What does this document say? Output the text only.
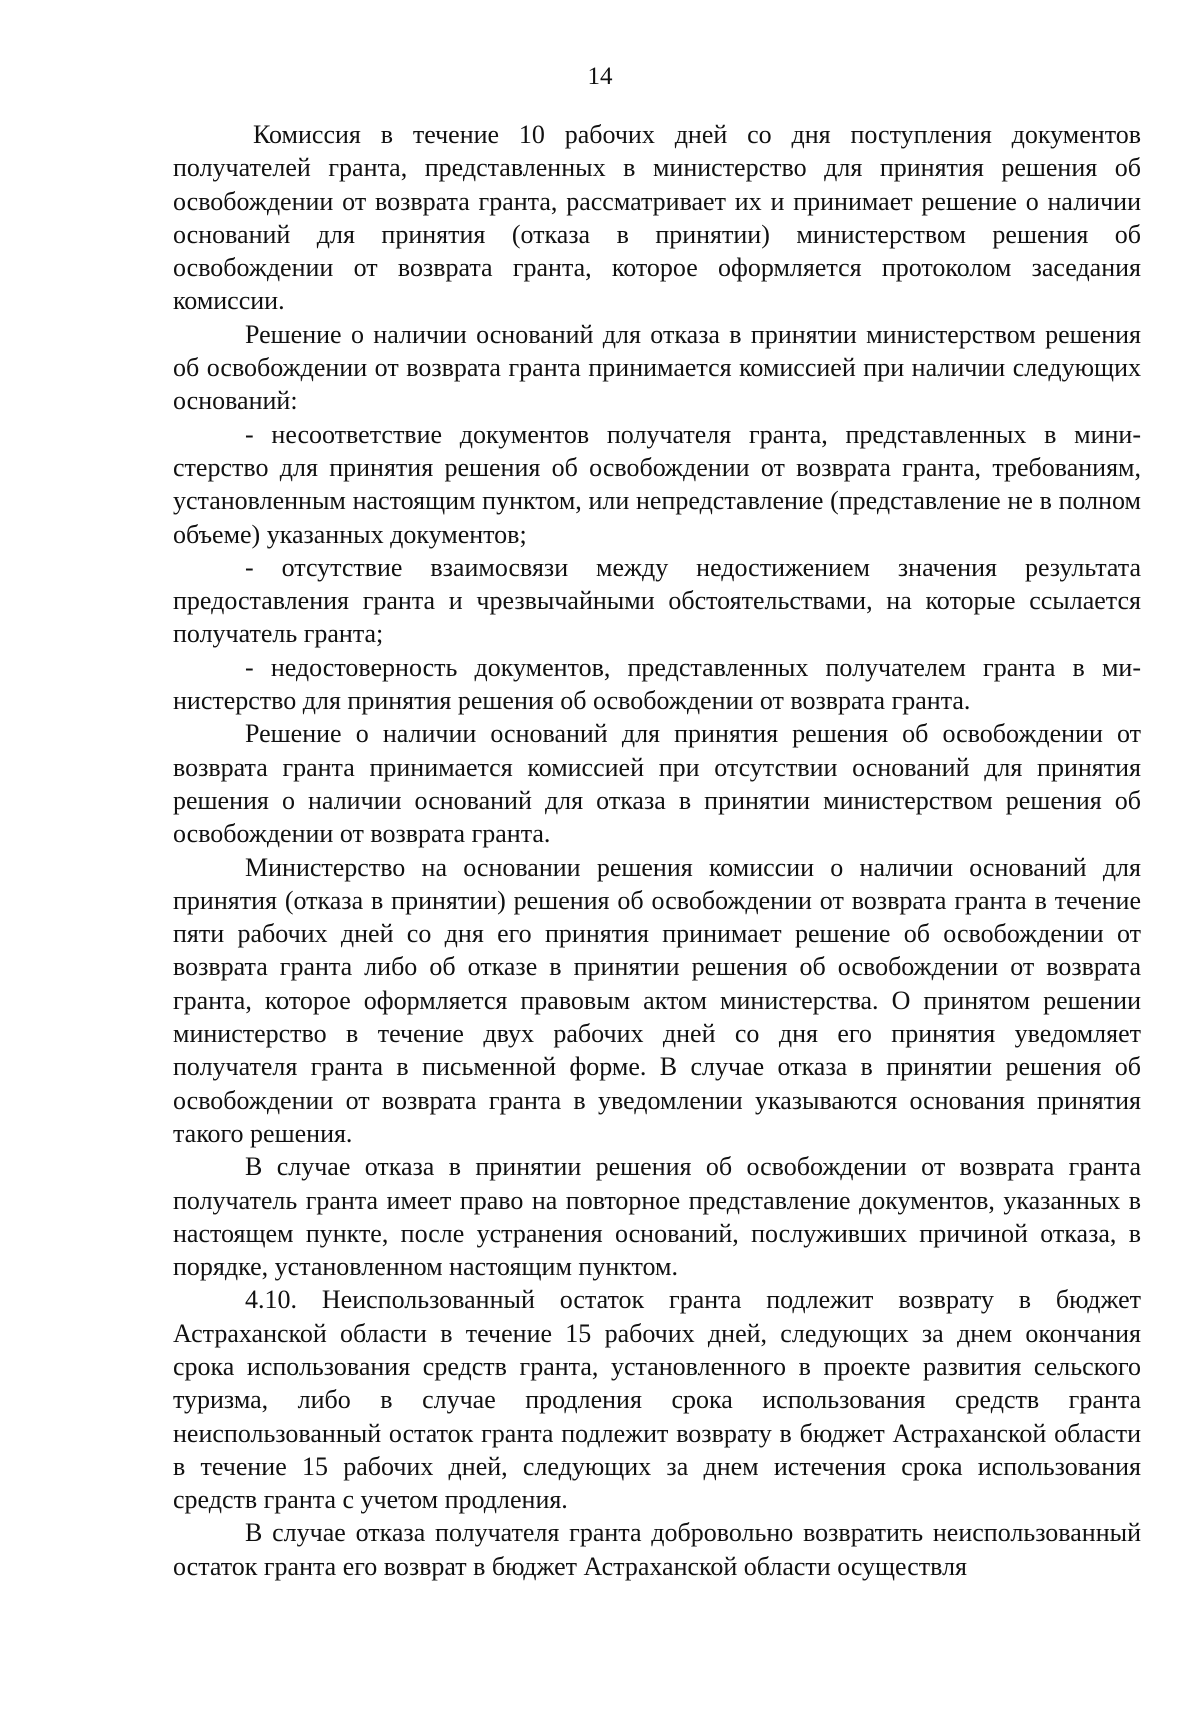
14

Комиссия в течение 10 рабочих дней со дня поступления документов получателей гранта, представленных в министерство для принятия решения об освобождении от возврата гранта, рассматривает их и принимает решение о наличии оснований для принятия (отказа в принятии) министерством решения об освобождении от возврата гранта, которое оформляется протоколом заседания комиссии.

Решение о наличии оснований для отказа в принятии министерством решения об освобождении от возврата гранта принимается комиссией при наличии следующих оснований:

- несоответствие документов получателя гранта, представленных в министерство для принятия решения об освобождении от возврата гранта, требованиям, установленным настоящим пунктом, или непредставление (представление не в полном объеме) указанных документов;

- отсутствие взаимосвязи между недостижением значения результата предоставления гранта и чрезвычайными обстоятельствами, на которые ссылается получатель гранта;

- недостоверность документов, представленных получателем гранта в министерство для принятия решения об освобождении от возврата гранта.

Решение о наличии оснований для принятия решения об освобождении от возврата гранта принимается комиссией при отсутствии оснований для принятия решения о наличии оснований для отказа в принятии министерством решения об освобождении от возврата гранта.

Министерство на основании решения комиссии о наличии оснований для принятия (отказа в принятии) решения об освобождении от возврата гранта в течение пяти рабочих дней со дня его принятия принимает решение об освобождении от возврата гранта либо об отказе в принятии решения об освобождении от возврата гранта, которое оформляется правовым актом министерства. О принятом решении министерство в течение двух рабочих дней со дня его принятия уведомляет получателя гранта в письменной форме. В случае отказа в принятии решения об освобождении от возврата гранта в уведомлении указываются основания принятия такого решения.

В случае отказа в принятии решения об освобождении от возврата гранта получатель гранта имеет право на повторное представление документов, указанных в настоящем пункте, после устранения оснований, послуживших причиной отказа, в порядке, установленном настоящим пунктом.

4.10. Неиспользованный остаток гранта подлежит возврату в бюджет Астраханской области в течение 15 рабочих дней, следующих за днем окончания срока использования средств гранта, установленного в проекте развития сельского туризма, либо в случае продления срока использования средств гранта неиспользованный остаток гранта подлежит возврату в бюджет Астраханской области в течение 15 рабочих дней, следующих за днем истечения срока использования средств гранта с учетом продления.

В случае отказа получателя гранта добровольно возвратить неиспользованный остаток гранта его возврат в бюджет Астраханской области осуществля
